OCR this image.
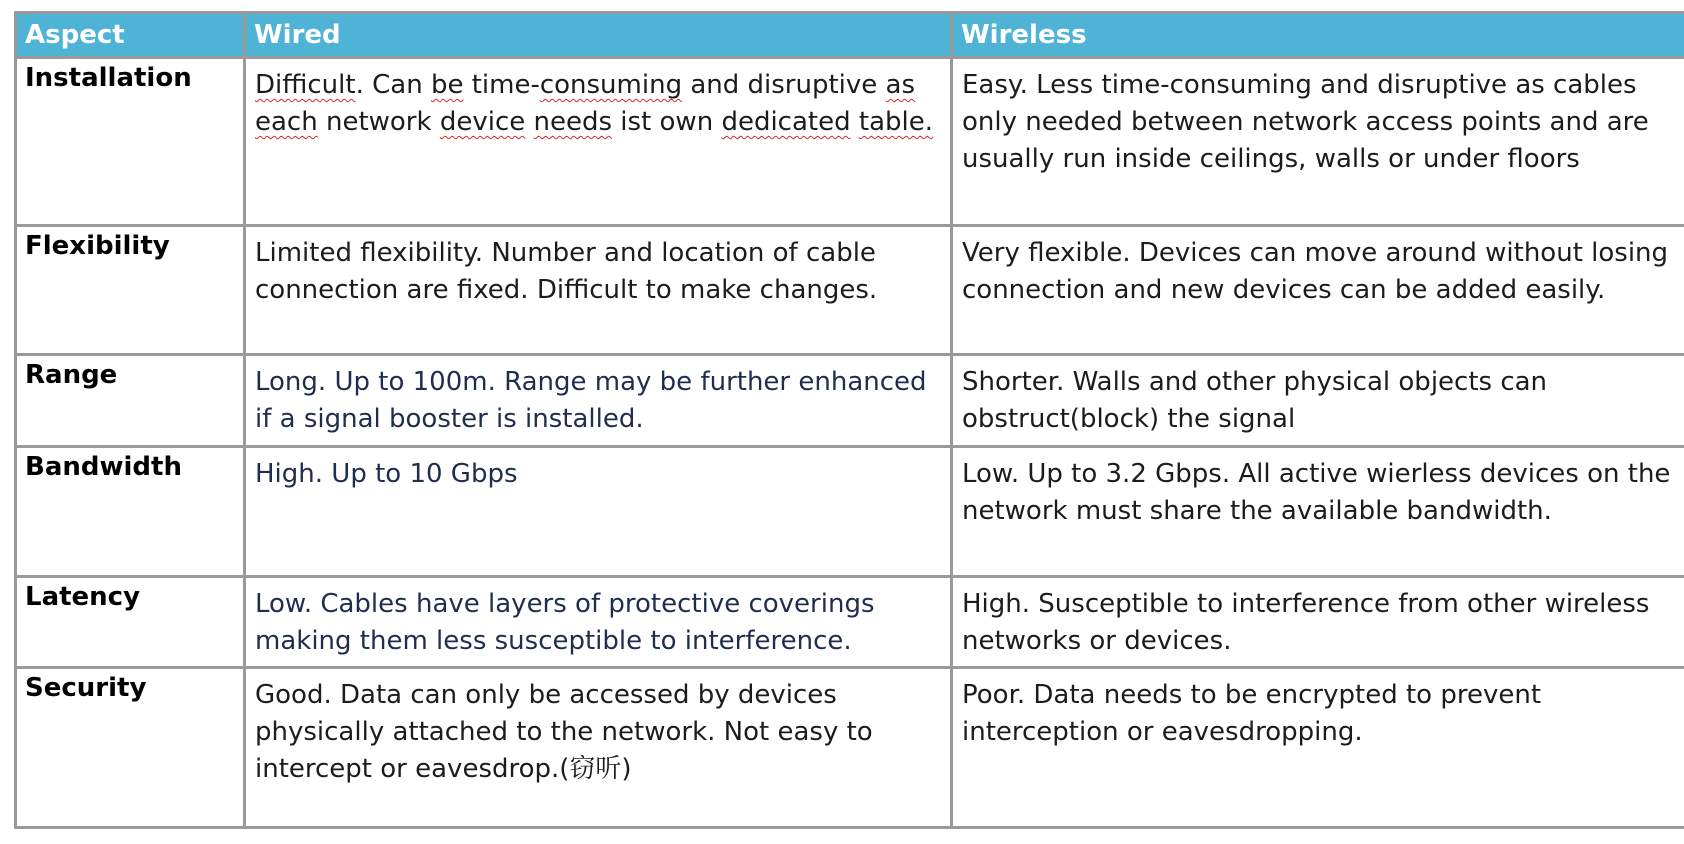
Aspect	Wired	Wireless
Installation	Difficult. Can be time-consuming and disruptive as each network device needs ist own dedicated table.	Easy. Less time-consuming and disruptive as cables only needed between network access points and are usually run inside ceilings, walls or under floors
Flexibility	Limited flexibility. Number and location of cable connection are fixed. Difficult to make changes.	Very flexible. Devices can move around without losing connection and new devices can be added easily.
Range	Long. Up to 100m. Range may be further enhanced if a signal booster is installed.	Shorter. Walls and other physical objects can obstruct(block) the signal
Bandwidth	High. Up to 10 Gbps	Low. Up to 3.2 Gbps. All active wierless devices on the network must share the available bandwidth.
Latency	Low. Cables have layers of protective coverings making them less susceptible to interference.	High. Susceptible to interference from other wireless networks or devices.
Security	Good. Data can only be accessed by devices physically attached to the network. Not easy to intercept or eavesdrop.(窃听)	Poor. Data needs to be encrypted to prevent interception or eavesdropping.
